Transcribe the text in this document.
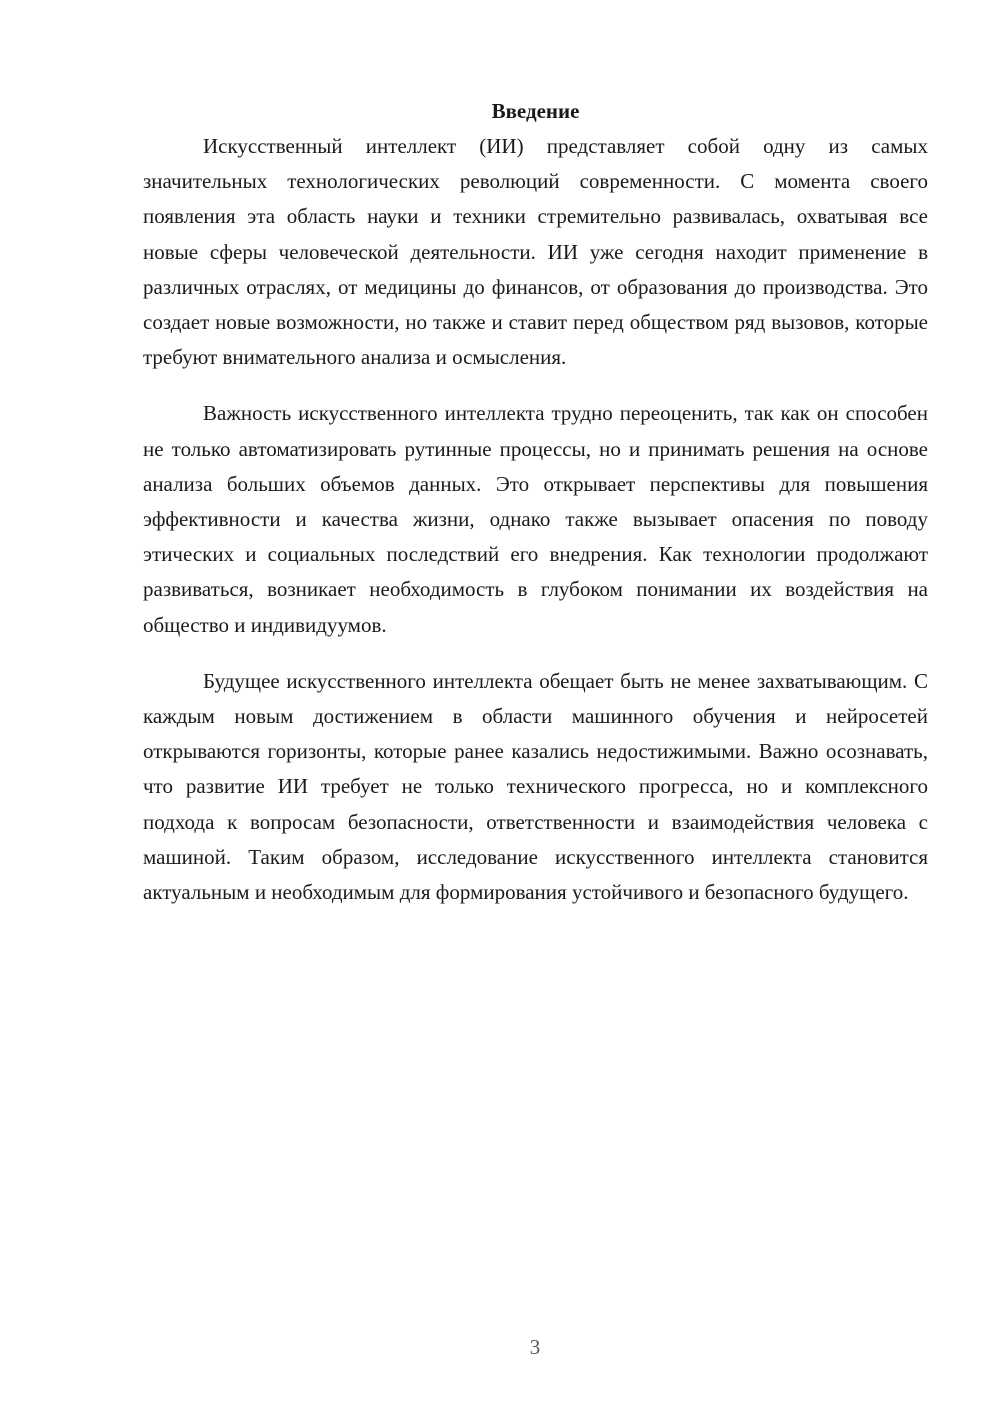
Введение

Искусственный интеллект (ИИ) представляет собой одну из самых значительных технологических революций современности. С момента своего появления эта область науки и техники стремительно развивалась, охватывая все новые сферы человеческой деятельности. ИИ уже сегодня находит применение в различных отраслях, от медицины до финансов, от образования до производства. Это создает новые возможности, но также и ставит перед обществом ряд вызовов, которые требуют внимательного анализа и осмысления.

Важность искусственного интеллекта трудно переоценить, так как он способен не только автоматизировать рутинные процессы, но и принимать решения на основе анализа больших объемов данных. Это открывает перспективы для повышения эффективности и качества жизни, однако также вызывает опасения по поводу этических и социальных последствий его внедрения. Как технологии продолжают развиваться, возникает необходимость в глубоком понимании их воздействия на общество и индивидуумов.

Будущее искусственного интеллекта обещает быть не менее захватывающим. С каждым новым достижением в области машинного обучения и нейросетей открываются горизонты, которые ранее казались недостижимыми. Важно осознавать, что развитие ИИ требует не только технического прогресса, но и комплексного подхода к вопросам безопасности, ответственности и взаимодействия человека с машиной. Таким образом, исследование искусственного интеллекта становится актуальным и необходимым для формирования устойчивого и безопасного будущего.

3
